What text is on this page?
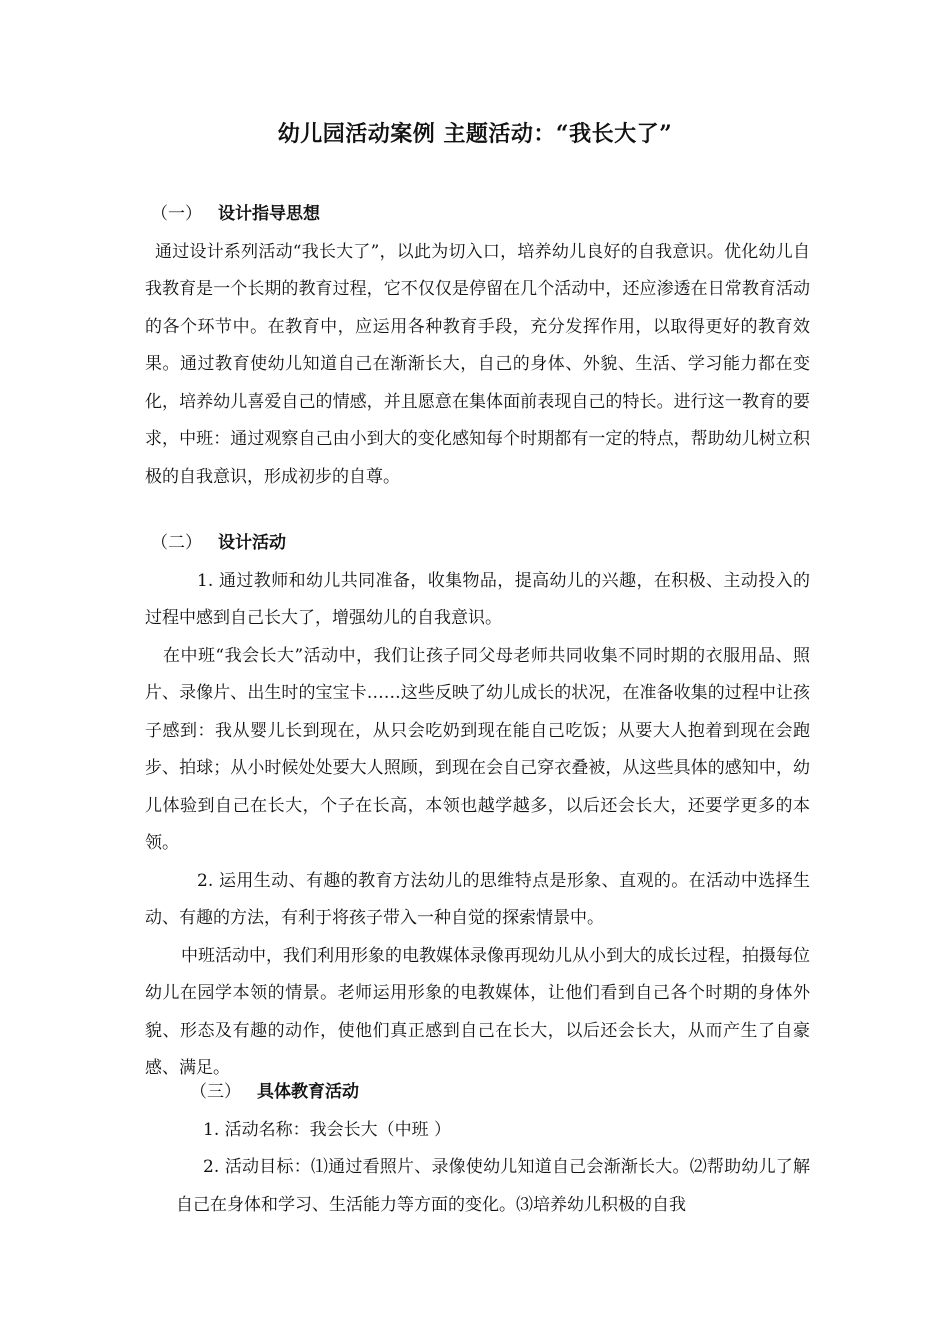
幼儿园活动案例 主题活动：“我长大了”
（一） 设计指导思想

通过设计系列活动“我长大了”，以此为切入口，培养幼儿良好的自我意识。优化幼儿自我教育是一个长期的教育过程，它不仅仅是停留在几个活动中，还应渗透在日常教育活动的各个环节中。在教育中，应运用各种教育手段，充分发挥作用，以取得更好的教育效果。通过教育使幼儿知道自己在渐渐长大，自己的身体、外貌、生活、学习能力都在变化，培养幼儿喜爱自己的情感，并且愿意在集体面前表现自己的特长。进行这一教育的要求，中班：通过观察自己由小到大的变化感知每个时期都有一定的特点，帮助幼儿树立积极的自我意识，形成初步的自尊。

（二） 设计活动

1. 通过教师和幼儿共同准备，收集物品，提高幼儿的兴趣，在积极、主动投入的过程中感到自己长大了，增强幼儿的自我意识。

在中班“我会长大”活动中，我们让孩子同父母老师共同收集不同时期的衣服用品、照片、录像片、出生时的宝宝卡……这些反映了幼儿成长的状况，在准备收集的过程中让孩子感到：我从婴儿长到现在，从只会吃奶到现在能自己吃饭；从要大人抱着到现在会跑步、拍球；从小时候处处要大人照顾，到现在会自己穿衣叠被，从这些具体的感知中，幼儿体验到自己在长大，个子在长高，本领也越学越多，以后还会长大，还要学更多的本领。

2. 运用生动、有趣的教育方法幼儿的思维特点是形象、直观的。在活动中选择生动、有趣的方法，有利于将孩子带入一种自觉的探索情景中。

中班活动中，我们利用形象的电教媒体录像再现幼儿从小到大的成长过程，拍摄每位幼儿在园学本领的情景。老师运用形象的电教媒体，让他们看到自己各个时期的身体外貌、形态及有趣的动作，使他们真正感到自己在长大，以后还会长大，从而产生了自豪感、满足。

（三） 具体教育活动

1. 活动名称：我会长大（中班 ）

2. 活动目标：⑴通过看照片、录像使幼儿知道自己会渐渐长大。⑵帮助幼儿了解自己在身体和学习、生活能力等方面的变化。⑶培养幼儿积极的自我
